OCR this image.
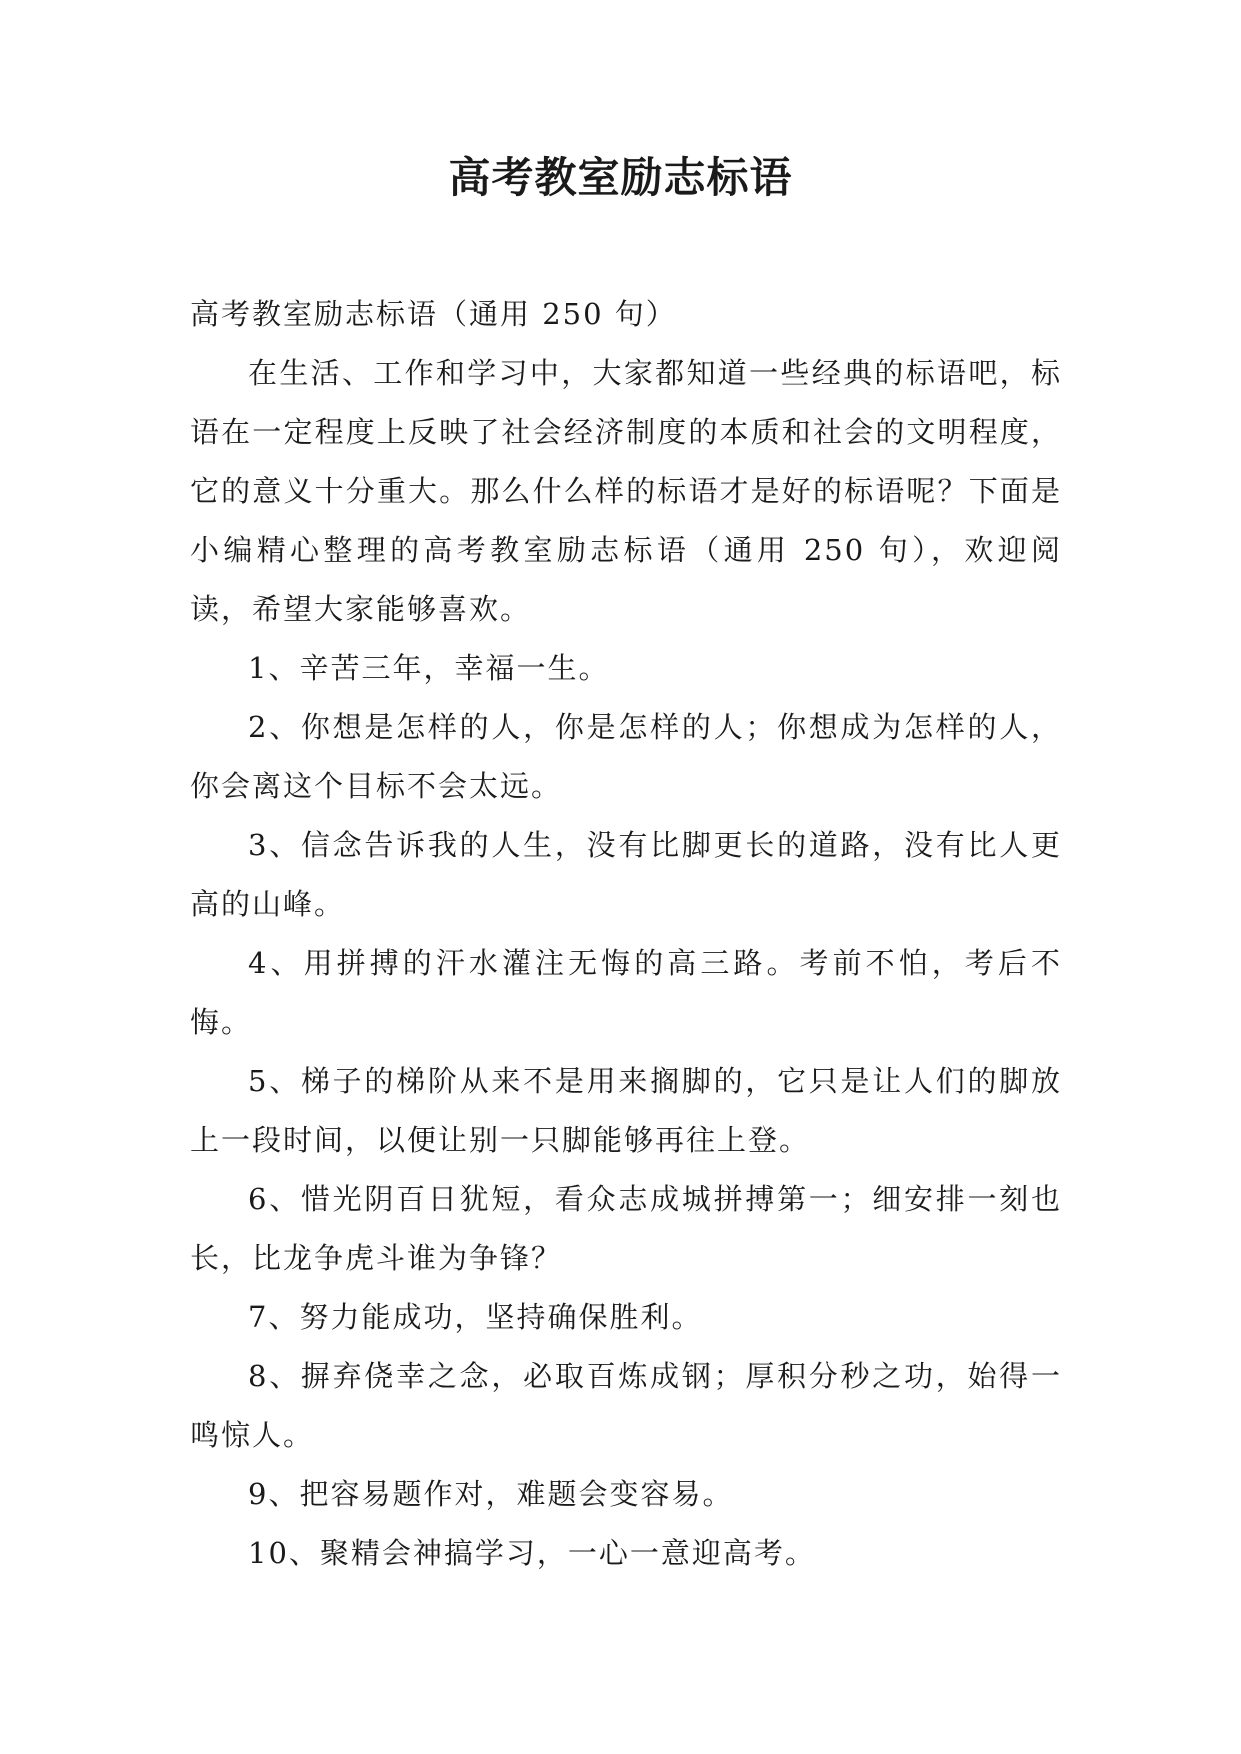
高考教室励志标语

高考教室励志标语（通用 250 句）

在生活、工作和学习中，大家都知道一些经典的标语吧，标语在一定程度上反映了社会经济制度的本质和社会的文明程度，它的意义十分重大。那么什么样的标语才是好的标语呢？下面是小编精心整理的高考教室励志标语（通用 250 句），欢迎阅读，希望大家能够喜欢。

1、辛苦三年，幸福一生。

2、你想是怎样的人，你是怎样的人；你想成为怎样的人，你会离这个目标不会太远。

3、信念告诉我的人生，没有比脚更长的道路，没有比人更高的山峰。

4、用拼搏的汗水灌注无悔的高三路。考前不怕，考后不悔。

5、梯子的梯阶从来不是用来搁脚的，它只是让人们的脚放上一段时间，以便让别一只脚能够再往上登。

6、惜光阴百日犹短，看众志成城拼搏第一；细安排一刻也长，比龙争虎斗谁为争锋？

7、努力能成功，坚持确保胜利。

8、摒弃侥幸之念，必取百炼成钢；厚积分秒之功，始得一鸣惊人。

9、把容易题作对，难题会变容易。

10、聚精会神搞学习，一心一意迎高考。
